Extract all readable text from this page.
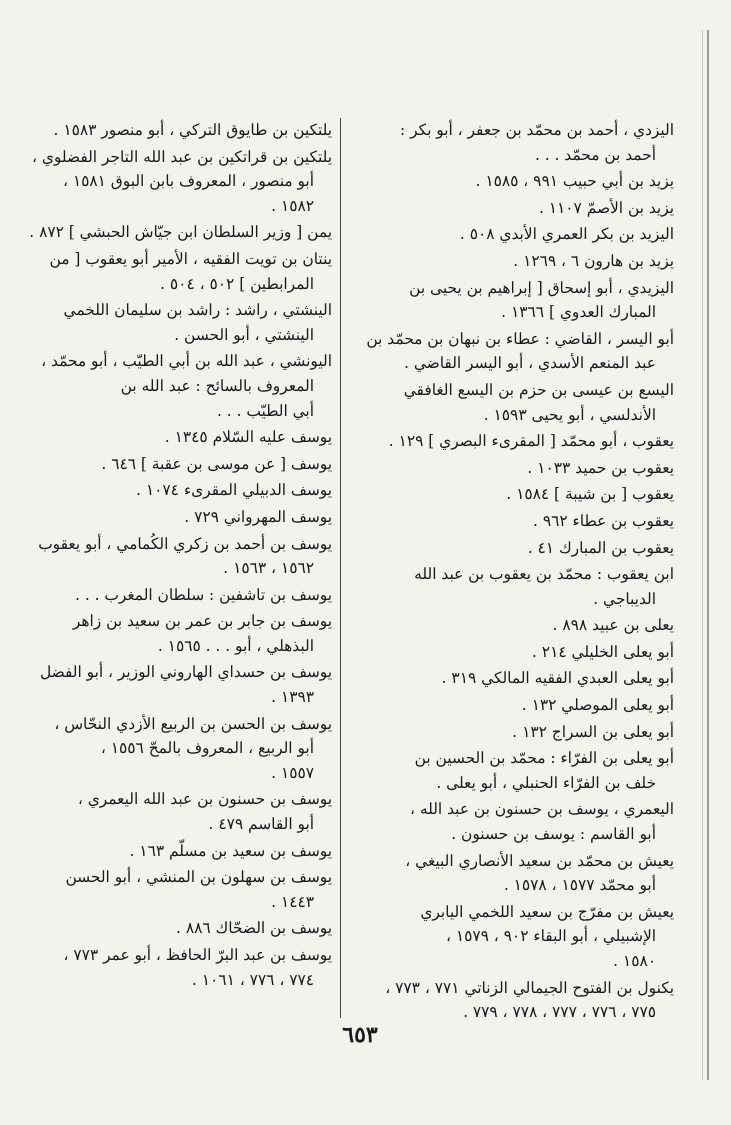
اليزدي ، أحمد بن محمّد بن جعفر ، أبو بكر :
أحمد بن محمّد . . .
يزيد بن أبي حبيب ٩٩١ ، ١٥٨٥ .
يزيد بن الأصمّ ١١٠٧ .
اليزيد بن بكر العمري الأبدي ٥٠٨ .
يزيد بن هارون ٦ ، ١٢٦٩ .
اليزيدي ، أبو إسحاق [ إبراهيم بن يحيى بن
المبارك العدوي ] ١٣٦٦ .
أبو اليسر ، القاضي : عطاء بن نبهان بن محمّد بن
عبد المنعم الأسدي ، أبو اليسر القاضي .
اليسع بن عيسى بن حزم بن اليسع الغافقي
الأندلسي ، أبو يحيى ١٥٩٣ .
يعقوب ، أبو محمّد [ المقرىء البصري ] ١٢٩ .
يعقوب بن حميد ١٠٣٣ .
يعقوب [ بن شيبة ] ١٥٨٤ .
يعقوب بن عطاء ٩٦٢ .
يعقوب بن المبارك ٤١ .
ابن يعقوب : محمّد بن يعقوب بن عبد الله
الديباجي .
يعلى بن عبيد ٨٩٨ .
أبو يعلى الخليلي ٢١٤ .
أبو يعلى العبدي الفقيه المالكي ٣١٩ .
أبو يعلى الموصلي ١٣٢ .
أبو يعلى بن السراج ١٣٢ .
أبو يعلى بن الفرّاء : محمّد بن الحسين بن
خلف بن الفرّاء الحنبلي ، أبو يعلى .
اليعمري ، يوسف بن حسنون بن عبد الله ،
أبو القاسم : يوسف بن حسنون .
يعيش بن محمّد بن سعيد الأنصاري البيغي ،
أبو محمّد ١٥٧٧ ، ١٥٧٨ .
يعيش بن مفرّج بن سعيد اللخمي اليابري
الإشبيلي ، أبو البقاء ٩٠٢ ، ١٥٧٩ ،
١٥٨٠ .
يكنول بن الفتوح الجيمالي الزناتي ٧٧١ ، ٧٧٣ ،
٧٧٥ ، ٧٧٦ ، ٧٧٧ ، ٧٧٨ ، ٧٧٩ .
يلتكين بن طايوق التركي ، أبو منصور ١٥٨٣ .
يلتكين بن قراتكين بن عبد الله التاجر الفضلوي ،
أبو منصور ، المعروف بابن البوق ١٥٨١ ،
١٥٨٢ .
يمن [ وزير السلطان ابن جيّاش الحبشي ] ٨٧٢ .
ينتان بن تويت الفقيه ، الأمير أبو يعقوب [ من
المرابطين ] ٥٠٢ ، ٥٠٤ .
الينشتي ، راشد : راشد بن سليمان اللخمي
الينشتي ، أبو الحسن .
اليونشي ، عبد الله بن أبي الطيّب ، أبو محمّد ،
المعروف بالسائح : عبد الله بن
أبي الطيّب . . .
يوسف عليه السّلام ١٣٤٥ .
يوسف [ عن موسى بن عقبة ] ٦٤٦ .
يوسف الدبيلي المقرىء ١٠٧٤ .
يوسف المهرواني ٧٢٩ .
يوسف بن أحمد بن زكري الكُمامي ، أبو يعقوب
١٥٦٢ ، ١٥٦٣ .
يوسف بن تاشفين : سلطان المغرب . . .
يوسف بن جابر بن عمر بن سعيد بن زاهر
البذهلي ، أبو . . . ١٥٦٥ .
يوسف بن حسداي الهاروني الوزير ، أبو الفضل
١٣٩٣ .
يوسف بن الحسن بن الربيع الأزدي النحّاس ،
أبو الربيع ، المعروف بالمحّ ١٥٥٦ ،
١٥٥٧ .
يوسف بن حسنون بن عبد الله اليعمري ،
أبو القاسم ٤٧٩ .
يوسف بن سعيد بن مسلّم ١٦٣ .
يوسف بن سهلون بن المنشي ، أبو الحسن
١٤٤٣ .
يوسف بن الضحّاك ٨٨٦ .
يوسف بن عبد البرّ الحافظ ، أبو عمر ٧٧٣ ،
٧٧٤ ، ٧٧٦ ، ١٠٦١ .
٦٥٣
